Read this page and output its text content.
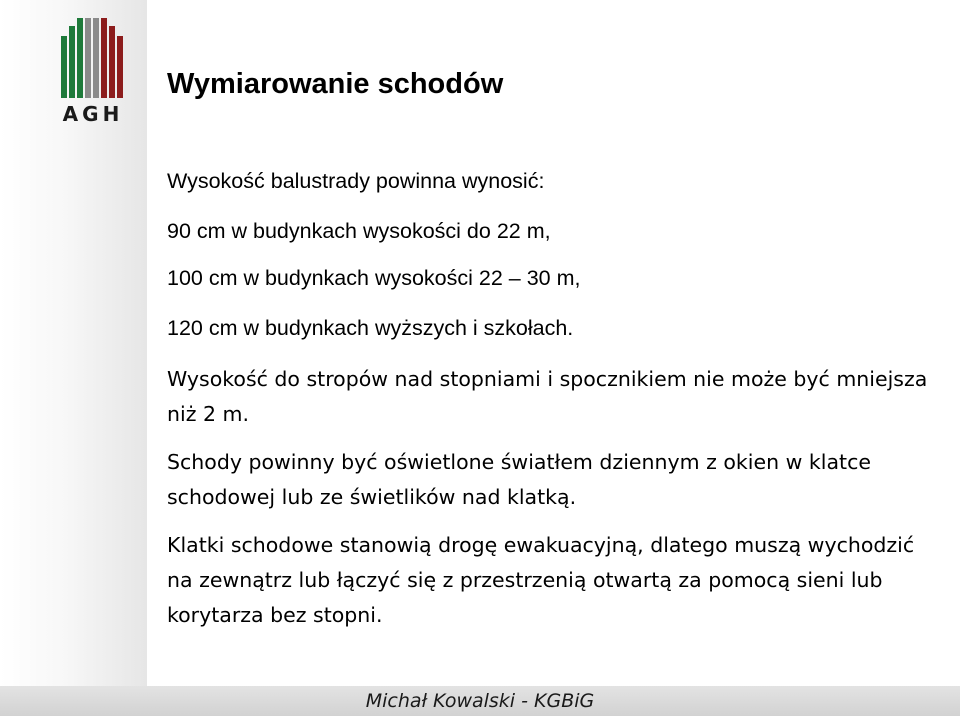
AGH
Wymiarowanie schodów
Wysokość balustrady powinna wynosić:
90 cm w budynkach wysokości do 22 m,
100 cm w budynkach wysokości 22 – 30 m,
120 cm w budynkach wyższych i szkołach.

Wysokość do stropów nad stopniami i spocznikiem nie może być mniejsza niż 2 m.

Schody powinny być oświetlone światłem dziennym z okien w klatce schodowej lub ze świetlików nad klatką.

Klatki schodowe stanowią drogę ewakuacyjną, dlatego muszą wychodzić na zewnątrz lub łączyć się z przestrzenią otwartą za pomocą sieni lub korytarza bez stopni.

Michał Kowalski - KGBiG
